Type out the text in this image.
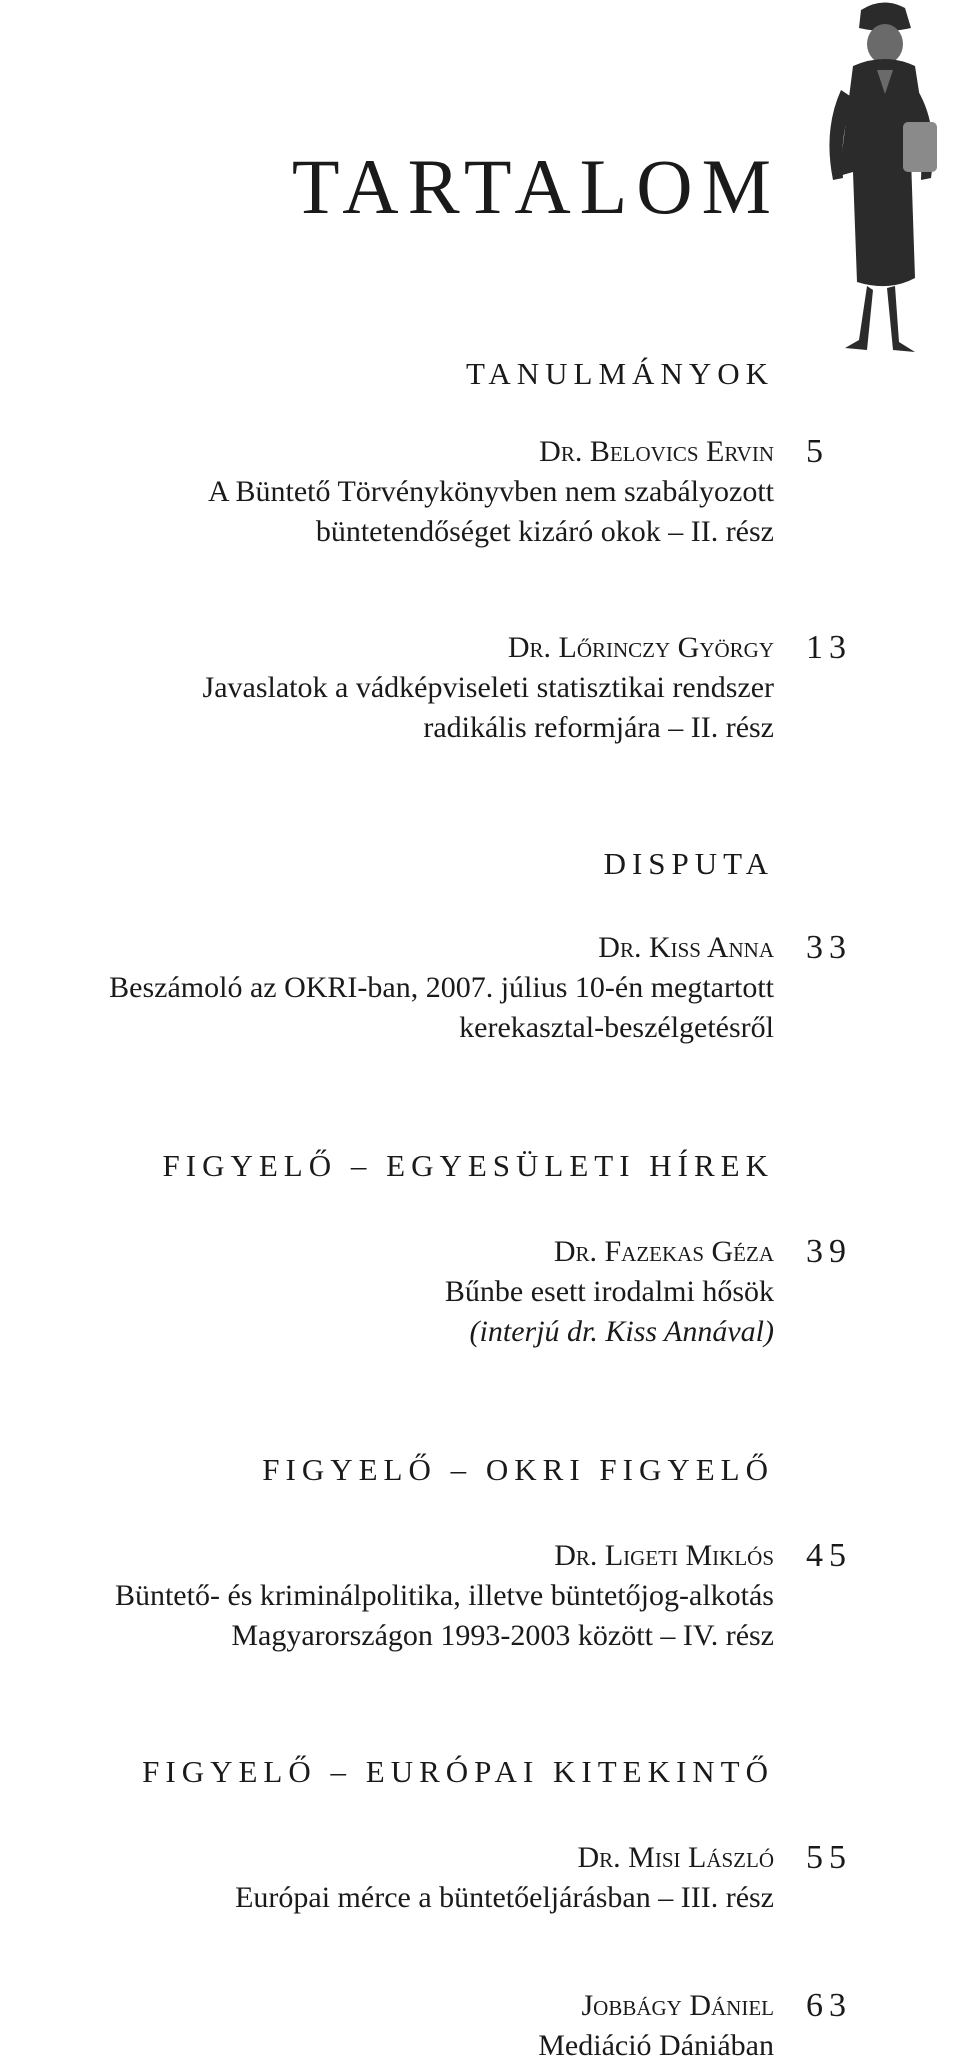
TARTALOM
TANULMÁNYOK
Dr. Belovics Ervin
A Büntető Törvénykönyvben nem szabályozott
büntetendőséget kizáró okok – II. rész
5
Dr. Lőrinczy György
Javaslatok a vádképviseleti statisztikai rendszer
radikális reformjára – II. rész
13
DISPUTA
Dr. Kiss Anna
Beszámoló az OKRI-ban, 2007. július 10-én megtartott
kerekasztal-beszélgetésről
33
FIGYELŐ – EGYESÜLETI HÍREK
Dr. Fazekas Géza
Bűnbe esett irodalmi hősök
(interjú dr. Kiss Annával)
39
FIGYELŐ – OKRI FIGYELŐ
Dr. Ligeti Miklós
Büntető- és kriminálpolitika, illetve büntetőjog-alkotás
Magyarországon 1993-2003 között – IV. rész
45
FIGYELŐ – EURÓPAI KITEKINTŐ
Dr. Misi László
Európai mérce a büntetőeljárásban – III. rész
55
Jobbágy Dániel
Mediáció Dániában
63
